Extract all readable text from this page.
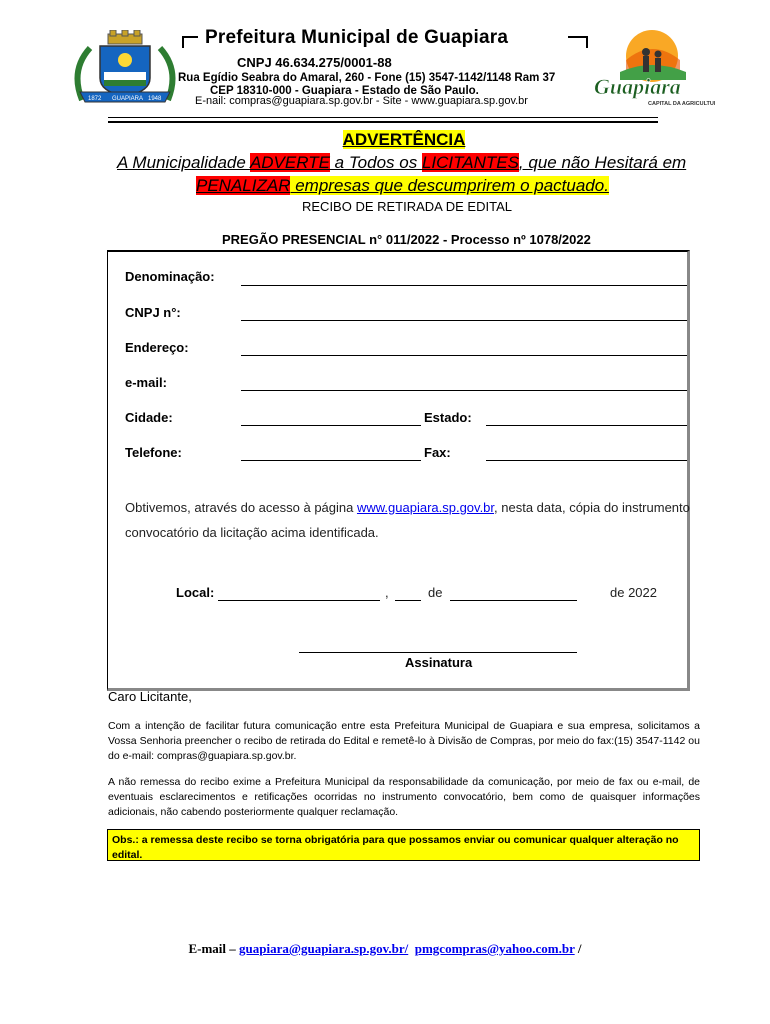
1872 GUAPIARA 1948	Guapiara
CAPITAL DA AGRICULTURA
Prefeitura Municipal de Guapiara
CNPJ 46.634.275/0001-88
Rua Egídio Seabra do Amaral, 260 - Fone (15) 3547-1142/1148 Ram 37
CEP 18310-000 - Guapiara - Estado de São Paulo.
E-nail: compras@guapiara.sp.gov.br - Site - www.guapiara.sp.gov.br
ADVERTÊNCIA
A Municipalidade ADVERTE a Todos os LICITANTES, que não Hesitará em
PENALIZAR empresas que descumprirem o pactuado.
RECIBO DE RETIRADA DE EDITAL
PREGÃO PRESENCIAL n° 011/2022 - Processo nº 1078/2022
Denominação:
CNPJ n°:
Endereço:
e-mail:
Cidade:	Estado:
Telefone:	Fax:
Obtivemos, através do acesso à página www.guapiara.sp.gov.br, nesta data, cópia do instrumento
convocatório da licitação acima identificada.
Local:	,	de	de 2022
Assinatura
Caro Licitante,
Com a intenção de facilitar futura comunicação entre esta Prefeitura Municipal de Guapiara e sua empresa, solicitamos a Vossa Senhoria preencher o recibo de retirada do Edital e remetê-lo à Divisão de Compras, por meio do fax:(15) 3547-1142 ou do e-mail: compras@guapiara.sp.gov.br.
A não remessa do recibo exime a Prefeitura Municipal da responsabilidade da comunicação, por meio de fax ou e-mail, de eventuais esclarecimentos e retificações ocorridas no instrumento convocatório, bem como de quaisquer informações adicionais, não cabendo posteriormente qualquer reclamação.
Obs.: a remessa deste recibo se torna obrigatória para que possamos enviar ou comunicar qualquer alteração no edital.
E-mail – guapiara@guapiara.sp.gov.br/ pmgcompras@yahoo.com.br /
